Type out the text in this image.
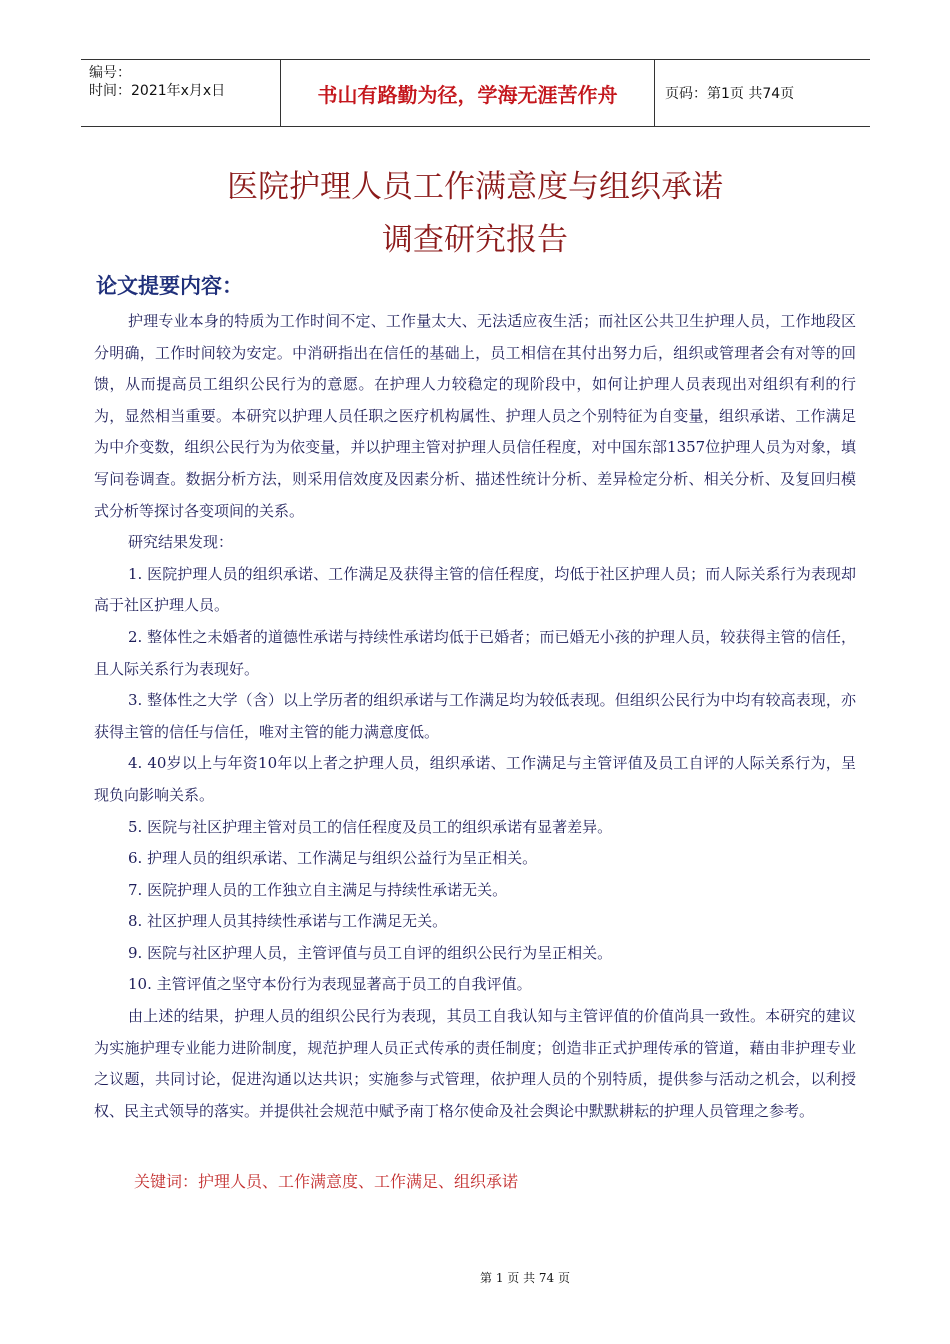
编号：
时间：2021年x月x日	书山有路勤为径，学海无涯苦作舟	页码：第1页 共74页
医院护理人员工作满意度与组织承诺
调查研究报告
论文提要内容：

护理专业本身的特质为工作时间不定、工作量太大、无法适应夜生活；而社区公共卫生护理人员，工作地段区分明确，工作时间较为安定。中消研指出在信任的基础上，员工相信在其付出努力后，组织或管理者会有对等的回馈，从而提高员工组织公民行为的意愿。在护理人力较稳定的现阶段中，如何让护理人员表现出对组织有利的行为，显然相当重要。本研究以护理人员任职之医疗机构属性、护理人员之个别特征为自变量，组织承诺、工作满足为中介变数，组织公民行为为依变量，并以护理主管对护理人员信任程度，对中国东部1357位护理人员为对象，填写问卷调查。数据分析方法，则采用信效度及因素分析、描述性统计分析、差异检定分析、相关分析、及复回归模式分析等探讨各变项间的关系。

研究结果发现：

1. 医院护理人员的组织承诺、工作满足及获得主管的信任程度，均低于社区护理人员；而人际关系行为表现却高于社区护理人员。

2. 整体性之未婚者的道德性承诺与持续性承诺均低于已婚者；而已婚无小孩的护理人员，较获得主管的信任，且人际关系行为表现好。

3. 整体性之大学（含）以上学历者的组织承诺与工作满足均为较低表现。但组织公民行为中均有较高表现，亦获得主管的信任与信任，唯对主管的能力满意度低。

4. 40岁以上与年资10年以上者之护理人员，组织承诺、工作满足与主管评值及员工自评的人际关系行为，呈现负向影响关系。

5. 医院与社区护理主管对员工的信任程度及员工的组织承诺有显著差异。

6. 护理人员的组织承诺、工作满足与组织公益行为呈正相关。

7. 医院护理人员的工作独立自主满足与持续性承诺无关。

8. 社区护理人员其持续性承诺与工作满足无关。

9. 医院与社区护理人员，主管评值与员工自评的组织公民行为呈正相关。

10. 主管评值之坚守本份行为表现显著高于员工的自我评值。

由上述的结果，护理人员的组织公民行为表现，其员工自我认知与主管评值的价值尚具一致性。本研究的建议为实施护理专业能力进阶制度，规范护理人员正式传承的责任制度；创造非正式护理传承的管道，藉由非护理专业之议题，共同讨论，促进沟通以达共识；实施参与式管理，依护理人员的个别特质，提供参与活动之机会，以利授权、民主式领导的落实。并提供社会规范中赋予南丁格尔使命及社会舆论中默默耕耘的护理人员管理之参考。

关键词：护理人员、工作满意度、工作满足、组织承诺
第 1 页 共 74 页
